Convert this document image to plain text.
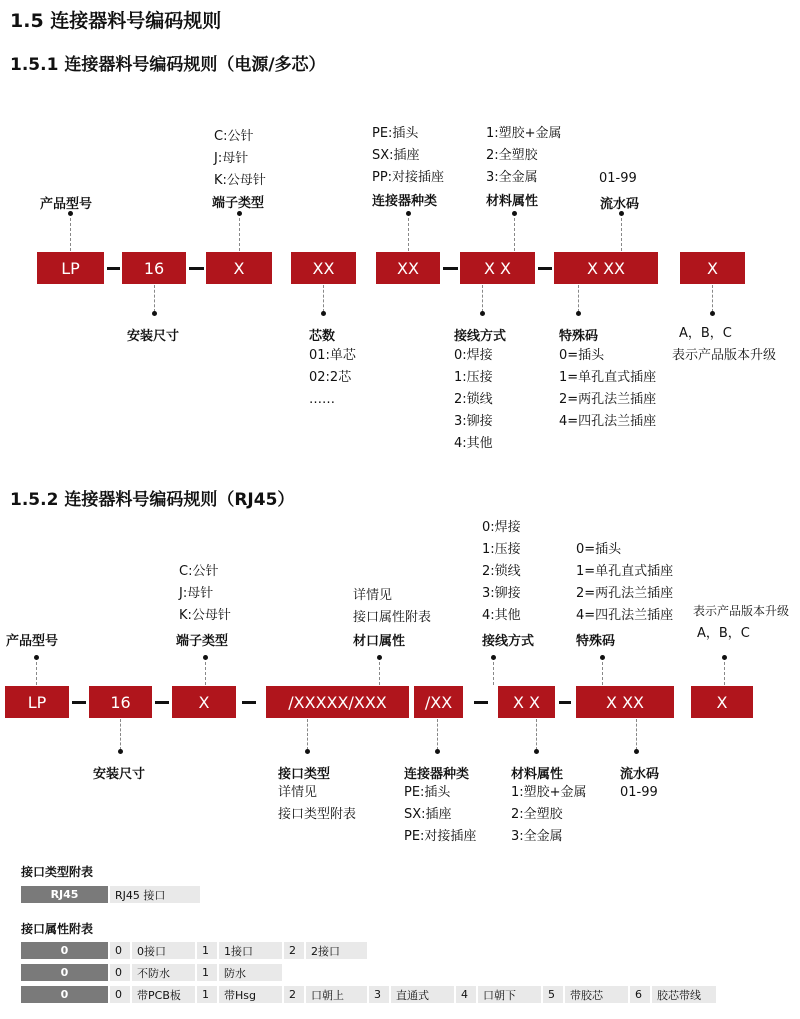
1.5 连接器料号编码规则
1.5.1 连接器料号编码规则（电源/多芯）
1.5.2 连接器料号编码规则（RJ45）
LP	16	X	XX	XX	X X	X XX	X
产品型号
C:公针
J:母针
K:公母针
端子类型
PE:插头
SX:插座
PP:对接插座
连接器种类
1:塑胶+金属
2:全塑胶
3:全金属
材料属性
01-99
流水码
安装尺寸	芯数
01:单芯
02:2芯
……
接线方式
0:焊接
1:压接
2:锁线
3:铆接
4:其他
特殊码
0=插头
1=单孔直式插座
2=两孔法兰插座
4=四孔法兰插座
A，B，C
表示产品版本升级
LP	16	X	/XXXXX/XXX	/XX	X X	X XX	X
产品型号
C:公针
J:母针
K:公母针
端子类型
详情见
接口属性附表
材口属性
0:焊接
1:压接
2:锁线
3:铆接
4:其他
接线方式
0=插头
1=单孔直式插座
2=两孔法兰插座
4=四孔法兰插座
特殊码
表示产品版本升级
A，B，C
安装尺寸	接口类型
详情见
接口类型附表
连接器种类
PE:插头
SX:插座
PE:对接插座
材料属性
1:塑胶+金属
2:全塑胶
3:全金属
流水码
01-99
接口类型附表
RJ45	RJ45 接口
接口属性附表
0	0	0接口	1	1接口	2	2接口
0	0	不防水	1	防水
0	0	带PCB板	1	带Hsg	2	口朝上	3	直通式	4	口朝下	5	带胶芯	6	胶芯带线
